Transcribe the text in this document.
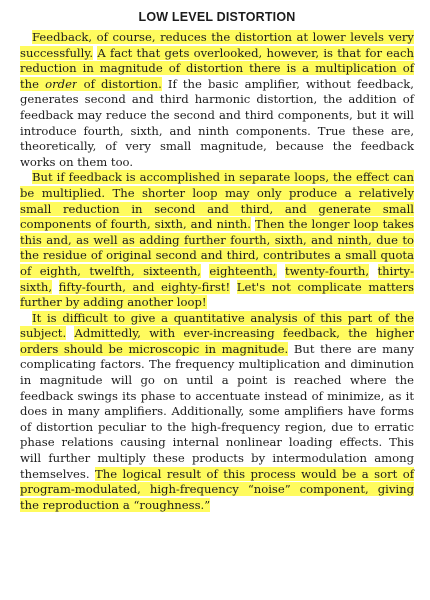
LOW LEVEL DISTORTION

Feedback, of course, reduces the distortion at lower levels very successfully. A fact that gets overlooked, however, is that for each reduction in magnitude of distortion there is a multiplication of the order of distortion. If the basic amplifier, without feedback, generates second and third harmonic distortion, the addition of feedback may reduce the second and third components, but it will introduce fourth, sixth, and ninth components. True these are, theoretically, of very small magnitude, because the feedback works on them too.

But if feedback is accomplished in separate loops, the effect can be multiplied. The shorter loop may only produce a relatively small reduction in second and third, and generate small components of fourth, sixth, and ninth. Then the longer loop takes this and, as well as adding further fourth, sixth, and ninth, due to the residue of original second and third, contributes a small quota of eighth, twelfth, sixteenth, eighteenth, twenty-fourth, thirty-sixth, fifty-fourth, and eighty-first! Let's not complicate matters further by adding another loop!

It is difficult to give a quantitative analysis of this part of the subject. Admittedly, with ever-increasing feedback, the higher orders should be microscopic in magnitude. But there are many complicating factors. The frequency multiplication and diminution in magnitude will go on until a point is reached where the feedback swings its phase to accentuate instead of minimize, as it does in many amplifiers. Additionally, some amplifiers have forms of distortion peculiar to the high-frequency region, due to erratic phase relations causing internal nonlinear loading effects. This will further multiply these products by intermodulation among themselves. The logical result of this process would be a sort of program-modulated, high-frequency “noise” component, giving the reproduction a “roughness.”
